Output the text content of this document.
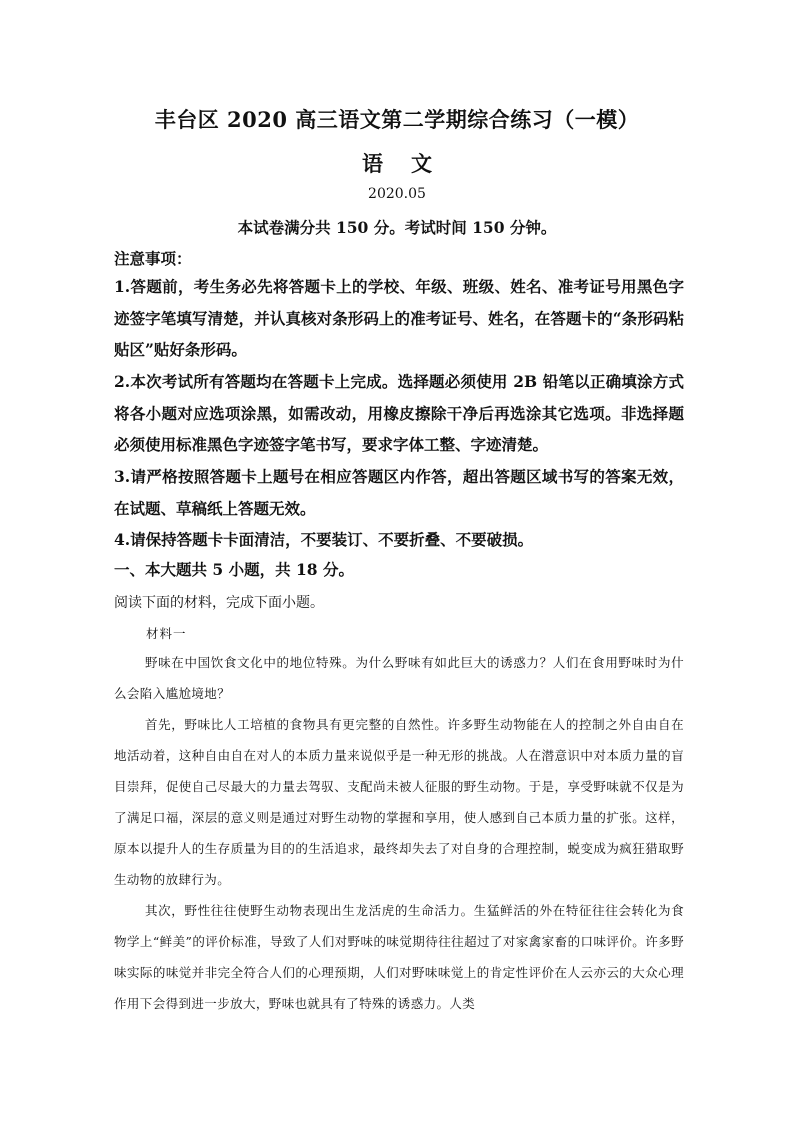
丰台区 2020 高三语文第二学期综合练习（一模）
语文
2020.05
本试卷满分共 150 分。考试时间 150 分钟。
注意事项：
1.答题前，考生务必先将答题卡上的学校、年级、班级、姓名、准考证号用黑色字迹签字笔填写清楚，并认真核对条形码上的准考证号、姓名，在答题卡的“条形码粘贴区”贴好条形码。
2.本次考试所有答题均在答题卡上完成。选择题必须使用 2B 铅笔以正确填涂方式将各小题对应选项涂黑，如需改动，用橡皮擦除干净后再选涂其它选项。非选择题必须使用标准黑色字迹签字笔书写，要求字体工整、字迹清楚。
3.请严格按照答题卡上题号在相应答题区内作答，超出答题区域书写的答案无效，在试题、草稿纸上答题无效。
4.请保持答题卡卡面清洁，不要装订、不要折叠、不要破损。
一、本大题共 5 小题，共 18 分。
阅读下面的材料，完成下面小题。
材料一
野味在中国饮食文化中的地位特殊。为什么野味有如此巨大的诱惑力？人们在食用野味时为什么会陷入尴尬境地？
首先，野味比人工培植的食物具有更完整的自然性。许多野生动物能在人的控制之外自由自在地活动着，这种自由自在对人的本质力量来说似乎是一种无形的挑战。人在潜意识中对本质力量的盲目崇拜，促使自己尽最大的力量去驾驭、支配尚未被人征服的野生动物。于是，享受野味就不仅是为了满足口福，深层的意义则是通过对野生动物的掌握和享用，使人感到自己本质力量的扩张。这样，原本以提升人的生存质量为目的的生活追求，最终却失去了对自身的合理控制，蜕变成为疯狂猎取野生动物的放肆行为。
其次，野性往往使野生动物表现出生龙活虎的生命活力。生猛鲜活的外在特征往往会转化为食物学上“鲜美”的评价标准，导致了人们对野味的味觉期待往往超过了对家禽家畜的口味评价。许多野味实际的味觉并非完全符合人们的心理预期，人们对野味味觉上的肯定性评价在人云亦云的大众心理作用下会得到进一步放大，野味也就具有了特殊的诱惑力。人类
